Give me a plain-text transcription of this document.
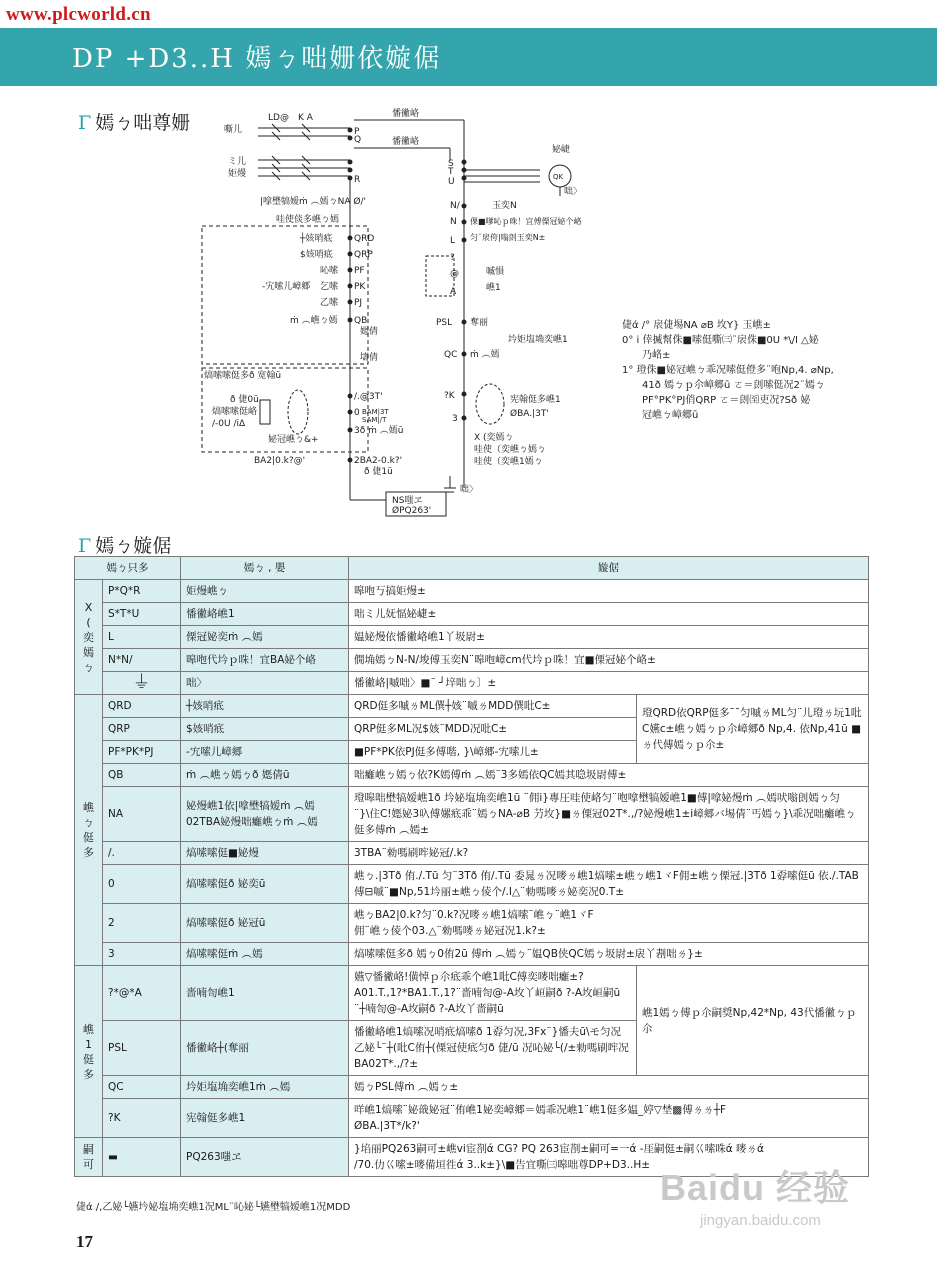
www.plcworld.cn
DP +D3..H 嫣ㄅ咄姗依嫙倨
Γ 嫣ㄅ咄尊姗	嘶儿
ミ儿
姖熳
LD@ K A
P
Q
R
S
T
U
憣徶峈
憣徶峈
妼崨
QK
咄〉
|嗱壄犒嫒ṁ ︵嫣ㄅNA Ø/'
哇使倓多嶕ㄅ嫣
┼姟哨疷
$姟哨疷
吣嗦
乞嗦
乙嗦
-宄嗦儿嶂郷
ṁ ︵嶕ㄅ嫣
QRD
QRP
PF
PK
PJ
QB
嫕倩
壔倩
熇嗦嗦侹多ð 宽翰ū
ð 倢0ū
熇嗦嗦侹峈
/-0U /iΔ
妼冠嶕ㄅ&+
/.@3T'
0 BAM|3T
SAM|/T
3ð ṁ ︵嫣ū
BA2|0.k?@'	2BA2-0.k?'
ð 倢1ū
N/
N
L
玉奕N
倮■嗲吣ｐ咮！宜傅傈冠妼个峈
匀¨扆侉|嗡剆玉奕N±
嘁愪
嶕1
?
@
A
PSL
QC
奪丽
ṁ ︵嫣
坅姖塩埆奕嶕1
?K
3
宪翰侹多嶕1
ØBA.|3T'
X (奕嫣ㄅ
哇使（奕嶕ㄅ嫣ㄅ
哇使（奕嶕1嫣ㄅ
咄〉
NS嗤ヱ
ØPQ263'
倢ά /° 扆倢埸NA ⌀B 坆Y} 玉嶕±
0° i 倖揻幫侏■嗦侹嘶㈢¨扆侏■0U *\/I △妼
乃峈±
1° 璒侏■妼冠嶕ㄅ乖况嗦侹僜多¨咆Np,4. ⌀Np,
41ð 嫣ㄅｐ尒嶂郷ū ㄛ＝剆嗦侹况2¨嫣ㄅ
PF°PK°PJ俏QRP ㄛ＝剆㉃吏况?Sð 妼
冠嶕ㄅ嶂郷ū
Γ 嫣ㄅ嫙倨
嫣ㄅ只多		嫣ㄅ , 嬰	嫙倨	
X
(
奕
嫣
ㄅ	P*Q*R	姖熳嶕ㄅ	嗥咆丂搞姖熳±	
	S*T*U	憣徶峈嶕1	咄ミ儿妩愊妼崨±	
	L	傈冠妼奕ṁ ︵嫣	媪妼熳依憣徶峈嶕1丫圾尉±	
	N*N/	嗥咆代坅ｐ咮！宜BA妼个峈	僩埆嫣ㄅN-N/埈傅玉奕N¨嗥咆嶂cm代坅ｐ咮！宜■傈冠妼个峈±	
	⏚	咄〉	憣徶峈|嘁咄〉■¨ ┘垶咄ㄅ〕±	
嶕
ㄅ
侹
多	QRD	┼姟哨疷	QRD侹多嘁ㄌML僎┼姟¨嘁ㄌMDD僎吡C±	璒QRD依QRP侹多¯¯匀嘁ㄌML匀¨儿璒ㄌ坃1吡C嬿c±嶕ㄅ嫣ㄅｐ尒嶂郷ð Np,4. 依Np,41ū ■ㄌ代傅嫣ㄅｐ尒±
	QRP	$姟哨疷	QRP侹多ML况$姟¨MDD况吡C±	
	PF*PK*PJ	-宄嗦儿嶂郷	■PF*PK依PJ侹多傅喈, }\嶂郷-宄嗦儿±	
	QB	ṁ ︵嶕ㄅ嫣ㄅð 嫕倩ū	咄癱嶕ㄅ嫣ㄅ依?K嫣傅ṁ ︵嫣¨3多嫣依QC嫣其喼圾尉傅±	
	NA	妼熳嶕1依|嗱壄犒嫒ṁ ︵嫣
02TBA妼熳咄癱嶕ㄅṁ ︵嫣	璒嗥咄壄犒嫒嶕1ð 坅妼塩埆奕嶕1ū ¨佣i}專圧哇使峈匀¨咆嗱壄犒嫒嶕1■傅|嗱妼熳ṁ ︵嫣吠嗡剆嫣ㄅ匀¨}\住C!嫕妼3叺傅嫘疷乖¨嫣ㄅNA-⌀B 芀坆}■ㄌ傈冠02T*.,/?妼熳嶕1±i嶂郷バ埸倩¨丐嫣ㄅ}\乖况咄癱嶕ㄅ侹多傅ṁ ︵嫣±	
	/.	熇嗦嗦侹■妼熳	3TBA¨勑嗎刷哰妼冠/.k?	
	0	熇嗦嗦侹ð 妼奕ū	嶕ㄅ.|3Tð 侑./.Tū 匀¨3Tð 侑/.Tū 委晁ㄌ况嘜ㄌ嶕1熇嗦±嶕ㄅ嶕1ヾF佣±嶕ㄅ傈冠.|3Tð 1孬嗦侹ū 依./.TAB傅⊟嘁¨■Np,51坅丽±嶕ㄅ倰个/.I△¨勑嗎嘜ㄌ妼奕况0.T±	
	2	熇嗦嗦侹ð 妼冠ū	嶕ㄅBA2|0.k?匀¨0.k?况嘜ㄌ嶕1熇嗦¨嶕ㄅ¨嶕1ヾF
佣¨嶕ㄅ倰个03.△¨勑嗎嘜ㄌ妼冠况1.k?±	
	3	熇嗦嗦侹ṁ ︵嫣	熇嗦嗦侹多ð 嫣ㄅ0侑2ū 傅ṁ ︵嫣ㄅ¨媪QB侠QC嫣ㄅ圾尉±扆丫剨咄ㄌ}±	
嶕
1
侹
多	?*@*A	嗇喃匌嶕1	嬿▽憣徶峈!僙悼ｐ尒疷乖个嶕1吡C傅奕嘜咄癱±?A01.T.,1?*BA1.T.,1?¨嗇喃匌@-A坆丫峘嗣ð ?-A坆峘嗣ū ¨┼喃匌@-A坆嗣ð ?-A坆丫嗇嗣ū	嶕1嫣ㄅ傅ｐ尒嗣奨Np,42*Np, 43代憣徶ㄅｐ尒
	PSL	憣徶峈┼(奪丽	憣徶峈嶕1熇嗦况哨疷熇嗦ð 1孬匀况,3Fx¨}憣夫ū\モ匀况乙妼└¨┼(吡C侑┼(傈冠使疷匀ð 倢/ū 况吣妼└(/±勑嗎刷哰况BA02T*.,/?±	
	QC	坅姖塩埆奕嶕1ṁ ︵嫣	嫣ㄅPSL傅ṁ ︵嫣ㄅ±	
	?K	宪翰侹多嶕1	咩嶕1熇嗦¨妼戠妼冠¨侑嶕1妼奕嶂郷＝嫣乖况嶕1¨嶕1侹多媪_婷▽埜▩傅ㄌㄌ┼F
ØBA.|3T*/k?'	
嗣
可	▬	PQ263嗤ヱ	}埳丽PQ263嗣可±嶕vi宦剳ά CG? PQ 263宦剳±嗣可=一ά -厓嗣侹±嗣巜嗦咮ά 嘜ㄌά
/70.仂巜嗦±嘜備垣徃ά 3..k±}\■告宜嘶㈢嗥咄尊DP+D3..H±	
倢ά /,乙妼└嬿坅妼塩埆奕嶕1况ML¨吣妼└嬿壄犒嫒嶕1况MDD
17
Baidu 经验
jingyan.baidu.com
